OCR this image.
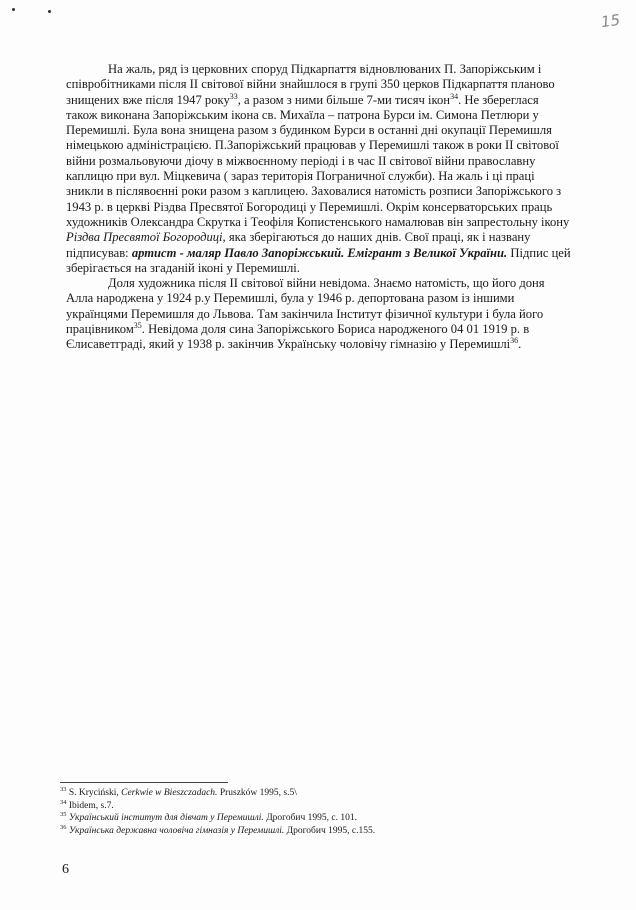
15

На жаль, ряд із церковних споруд Підкарпаття відновлюваних П. Запоріжським і співробітниками після II світової війни знайшлося в групі 350 церков Підкарпаття планово знищених вже після 1947 року$^{33}$, а разом з ними більше 7-ми тисяч ікон$^{34}$. Не збереглася також виконана Запоріжським ікона св. Михаїла – патрона Бурси ім. Симона Петлюри у Перемишлі. Була вона знищена разом з будинком Бурси в останні дні окупації Перемишля німецькою адміністрацією. П.Запоріжський працював у Перемишлі також в роки II світової війни розмальовуючи діочу в міжвоєнному періоді і в час II світової війни православну каплицю при вул. Міцкевича ( зараз територія Пограничної служби). На жаль і ці праці зникли в післявоєнні роки разом з каплицею. Заховалися натомість розписи Запоріжського з 1943 р. в церкві Різдва Пресвятої Богородиці у Перемишлі. Окрім консерваторських праць художників Олександра Скрутка і Теофіля Копистенського намалював він запрестольну ікону Різдва Пресвятої Богородиці, яка зберігаються до наших днів. Свої праці, як і названу підписував: артист - маляр Павло Запоріжський. Емігрант з Великої України. Підпис цей зберігається на згаданій іконі у Перемишлі.

Доля художника після II світової війни невідома. Знаємо натомість, що його доня Алла народжена у 1924 р.у Перемишлі, була у 1946 р. депортована разом із іншими українцями Перемишля до Львова. Там закінчила Інститут фізичної культури і була його працівником$^{35}$. Невідома доля сина Запоріжського Бориса народженого 04 01 1919 р. в Єлисаветграді, який у 1938 р. закінчив Українську чоловічу гімназію у Перемишлі$^{36}$.

$^{33}$ S. Kryciński, Cerkwie w Bieszczadach. Pruszków 1995, s.5\
$^{34}$ Ibidem, s.7.
$^{35}$ Український інститут для дівчат у Перемишлі. Дрогобич 1995, с. 101.
$^{36}$ Українська державна чоловіча гімназія у Перемишлі. Дрогобич 1995, с.155.
6
